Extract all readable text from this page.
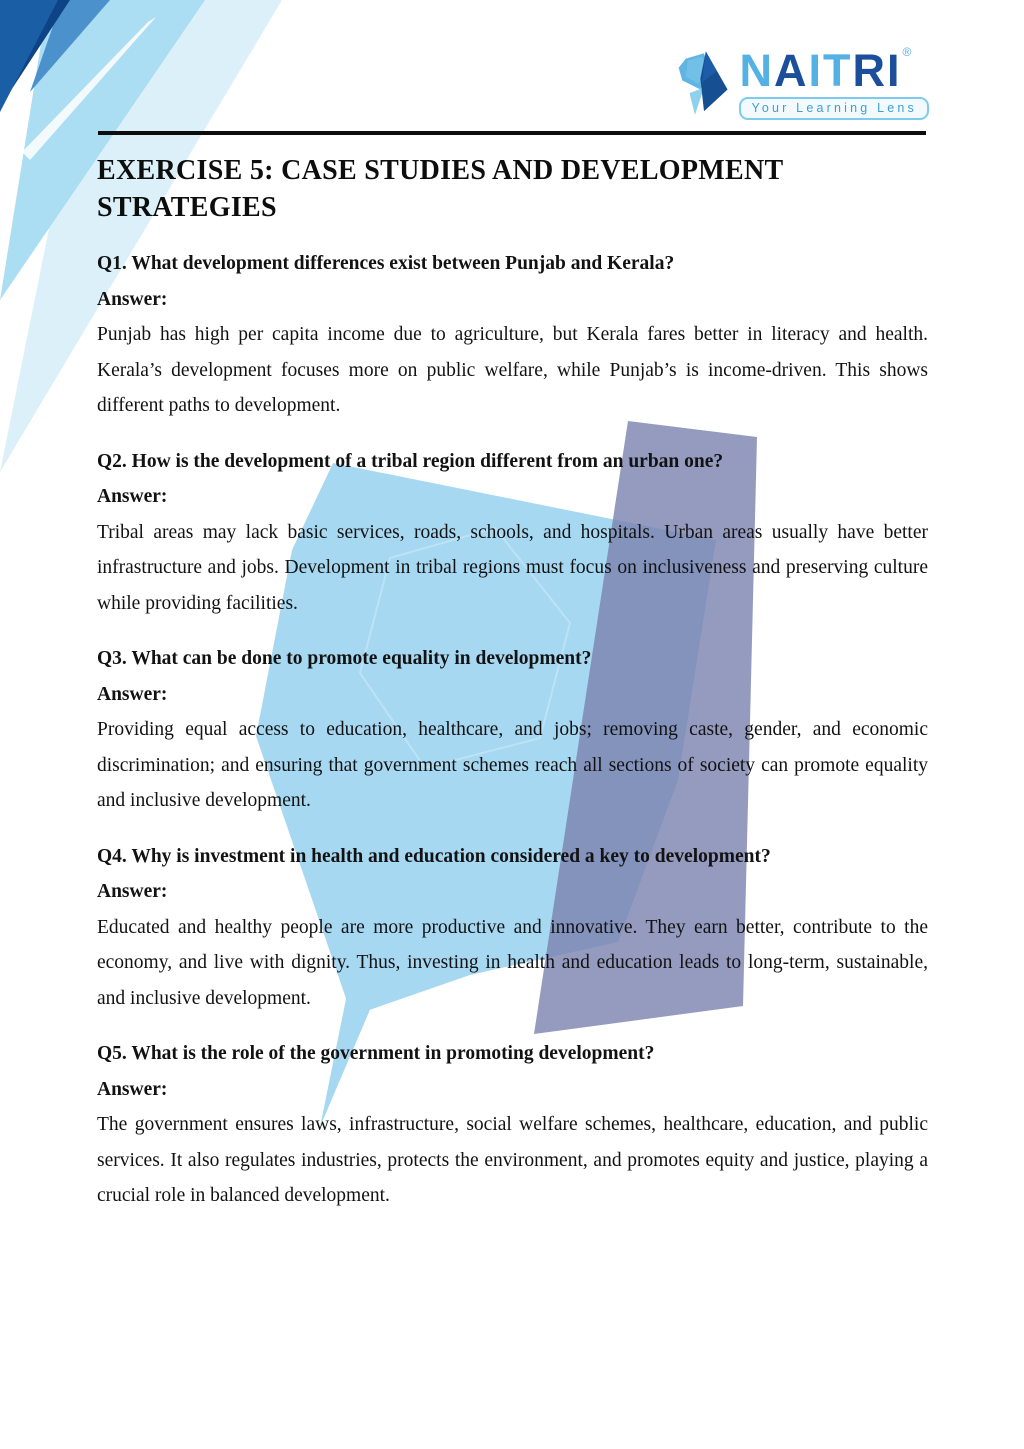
NAITRI ®
Your Learning Lens
EXERCISE 5: CASE STUDIES AND DEVELOPMENT STRATEGIES

Q1. What development differences exist between Punjab and Kerala?

Answer:

Punjab has high per capita income due to agriculture, but Kerala fares better in literacy and health. Kerala’s development focuses more on public welfare, while Punjab’s is income-driven. This shows different paths to development.

Q2. How is the development of a tribal region different from an urban one?

Answer:

Tribal areas may lack basic services, roads, schools, and hospitals. Urban areas usually have better infrastructure and jobs. Development in tribal regions must focus on inclusiveness and preserving culture while providing facilities.

Q3. What can be done to promote equality in development?

Answer:

Providing equal access to education, healthcare, and jobs; removing caste, gender, and economic discrimination; and ensuring that government schemes reach all sections of society can promote equality and inclusive development.

Q4. Why is investment in health and education considered a key to development?

Answer:

Educated and healthy people are more productive and innovative. They earn better, contribute to the economy, and live with dignity. Thus, investing in health and education leads to long-term, sustainable, and inclusive development.

Q5. What is the role of the government in promoting development?

Answer:

The government ensures laws, infrastructure, social welfare schemes, healthcare, education, and public services. It also regulates industries, protects the environment, and promotes equity and justice, playing a crucial role in balanced development.
